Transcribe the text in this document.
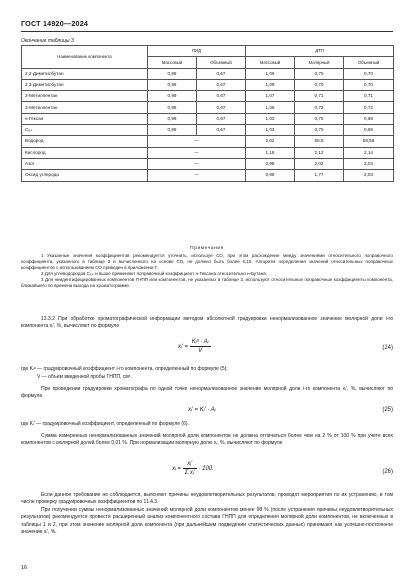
ГОСТ 14920—2024
Окончание таблицы 3
Наименование компонента	ПИД		ДТП		
	Массовый	Объемный	Массовый	Молярный	Объемный
2,2-Диметилбутан	0,99	0,67	1,09	0,70	0,70
2,3-Диметилбутан	0,99	0,67	1,09	0,70	0,70
2-Метилпентан	0,99	0,67	1,07	0,71	0,71
3-Метилпентан	0,99	0,67	1,06	0,72	0,72
н-Гексан	0,99	0,67	1,03	0,70	0,69
C₆₊	0,99	0,67	1,03	0,70	0,69
Водород	—		2,02	58,6	58,58
Кислород	—		1,18	2,12	2,14
Азот	—		0,98	2,02	2,03
Оксид углерода	—		0,98	1,77	2,03
Примечания

1 Указанные значения коэффициентов рекомендуется уточнить, используя СО, при этом расхождение между значениями относительного поправочного коэффициента, указанного в таблице 3 и вычисленного на основе СО, не должно быть более 0,10. Алгоритм определения значений относительных поправочных коэффициентов с использованием СО приведен в приложении Г.

2 Для углеводородов C₆₊ и выше применяют поправочный коэффициент н-Гексана относительно н-Бутана.

3 Для неидентифицированных компонентов ГНПП или компонентов, не указанных в таблице 3, используют относительные поправочные коэффициенты компонента, ближайшего по времени выхода на хроматограмме.

13.3.2 При обработке хроматографической информации методом абсолютной градуировки ненормализованное значение молярной доли i-го компонента xᵢ', %, вычисляют по формуле

xᵢ' = $\frac{\text{Kᵢᵃ · Aᵢ}}{V}$	(24)
где Kᵢᵃ — градуировочный коэффициент i-го компонента, определенный по формуле (5);
V — объем введенной пробы ГНПП, см³.

При проведении градуировки хроматографа по одной точке ненормализованное значение молярной доли i-го компонента xᵢ', %, вычисляют по формуле

xᵢ' = Kᵢ' · Aᵢ	(25)
где Kᵢ' — градуировочный коэффициент, определенный по формуле (6).

Сумма измеренных ненормализованных значений молярной доли компонентов не должна отличаться более чем на 2 % от 100 % при учете всех компонентов с молярной долей более 0,01 %. При нормализации молярную долю xᵢ, %, вычисляют по формуле

xᵢ = $\frac{\text{xᵢ'}}{\text{Σ xᵢ'}} \cdot 100$.	(26)

Если данное требование не соблюдается, выясняют причины неудовлетворительных результатов, проводят мероприятия по их устранению, в том числе проверку градуировочных коэффициентов по 11.4.3.

При получении суммы ненормализованных значений молярной доли компонентов менее 98 % (после устранения причины неудовлетворительных результатов) рекомендуется провести расширенный анализ компонентного состава ГНПП для определения молярной доли компонентов, не включенных в таблицы 1 и 2, при этом значение молярной доли компонента (при дальнейшем подведении статистических данных) принимают как успешно-постоянное значение xᵢ', %.

16
